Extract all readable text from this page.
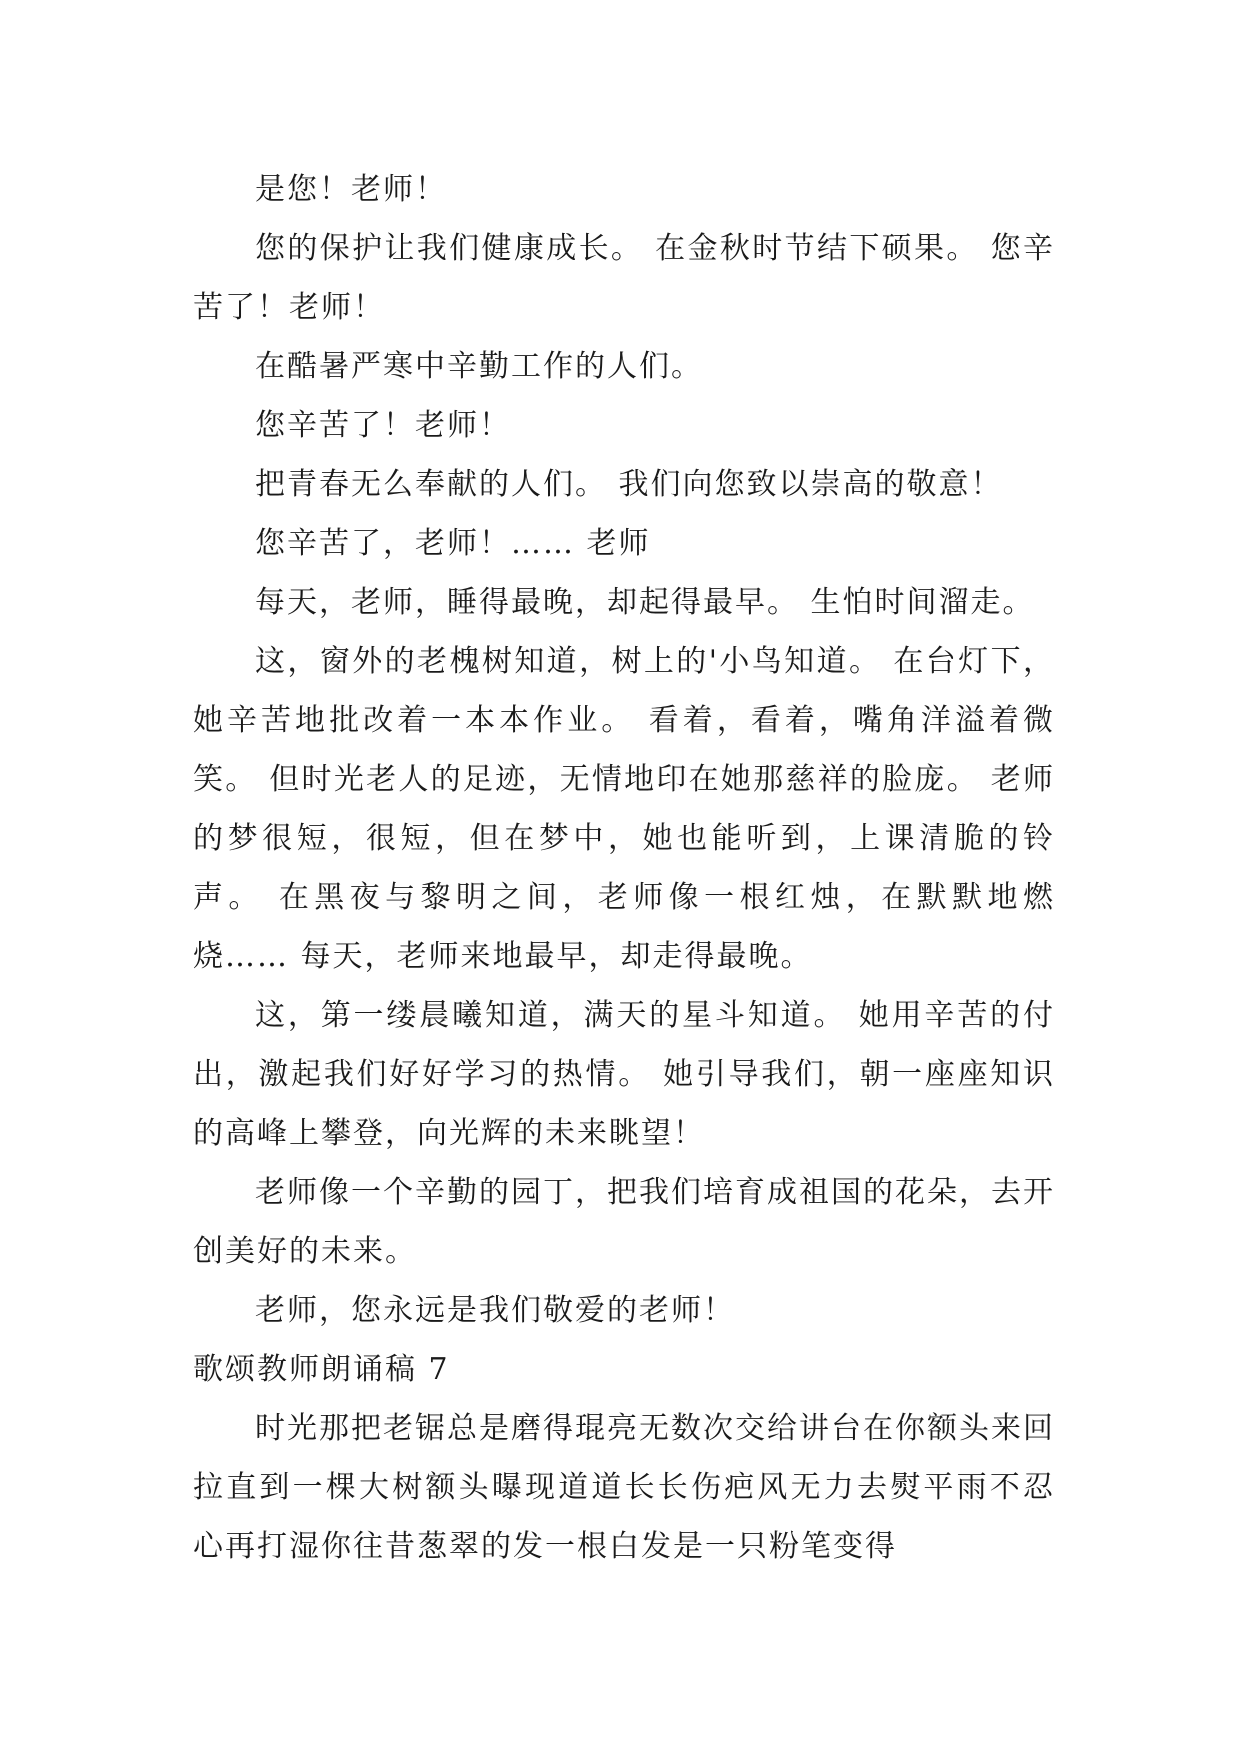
是您！老师！

您的保护让我们健康成长。 在金秋时节结下硕果。 您辛苦了！老师！

在酷暑严寒中辛勤工作的人们。

您辛苦了！老师！

把青春无么奉献的人们。 我们向您致以崇高的敬意！

您辛苦了，老师！…… 老师

每天，老师，睡得最晚，却起得最早。 生怕时间溜走。

这，窗外的老槐树知道，树上的'小鸟知道。 在台灯下，她辛苦地批改着一本本作业。 看着，看着，嘴角洋溢着微笑。 但时光老人的足迹，无情地印在她那慈祥的脸庞。 老师的梦很短，很短，但在梦中，她也能听到，上课清脆的铃声。 在黑夜与黎明之间，老师像一根红烛，在默默地燃烧…… 每天，老师来地最早，却走得最晚。

这，第一缕晨曦知道，满天的星斗知道。 她用辛苦的付出，激起我们好好学习的热情。 她引导我们，朝一座座知识的高峰上攀登，向光辉的未来眺望！

老师像一个辛勤的园丁，把我们培育成祖国的花朵，去开创美好的未来。

老师，您永远是我们敬爱的老师！

歌颂教师朗诵稿 7

时光那把老锯总是磨得琨亮无数次交给讲台在你额头来回拉直到一棵大树额头曝现道道长长伤疤风无力去熨平雨不忍心再打湿你往昔葱翠的发一根白发是一只粉笔变得
